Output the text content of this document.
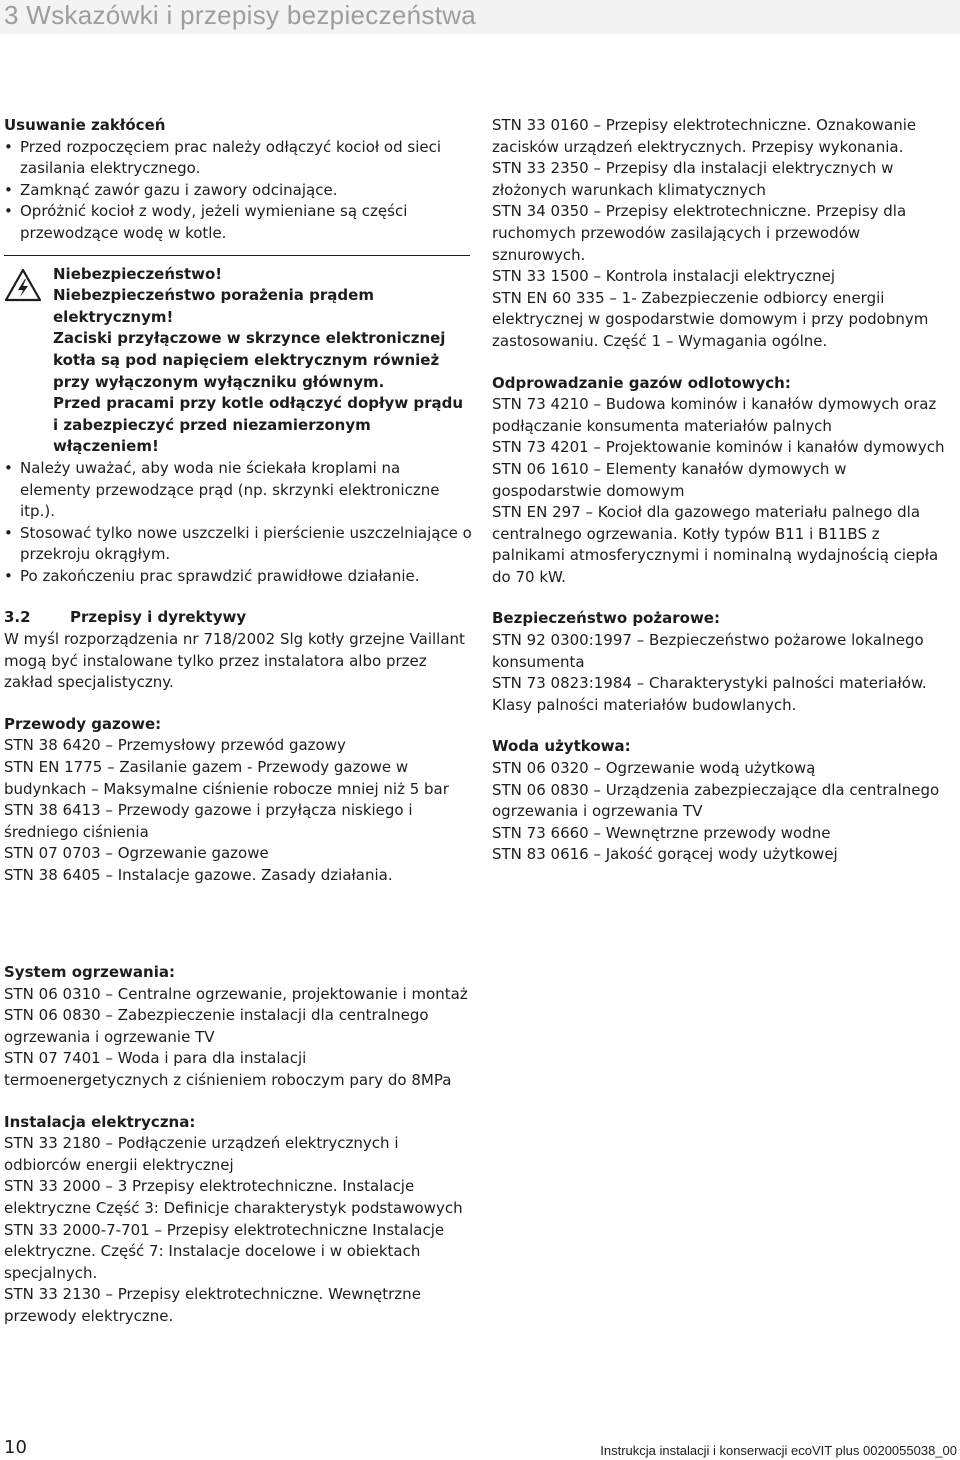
3 Wskazówki i przepisy bezpieczeństwa
Usuwanie zakłóceń
• Przed rozpoczęciem prac należy odłączyć kocioł od sieci zasilania elektrycznego.
• Zamknąć zawór gazu i zawory odcinające.
• Opróżnić kocioł z wody, jeżeli wymieniane są części przewodzące wodę w kotle.
Niebezpieczeństwo!
Niebezpieczeństwo porażenia prądem elektrycznym!
Zaciski przyłączowe w skrzynce elektronicznej kotła są pod napięciem elektrycznym również przy wyłączonym wyłączniku głównym.
Przed pracami przy kotle odłączyć dopływ prądu i zabezpieczyć przed niezamierzonym włączeniem!
• Należy uważać, aby woda nie ściekała kroplami na elementy przewodzące prąd (np. skrzynki elektroniczne itp.).
• Stosować tylko nowe uszczelki i pierścienie uszczelniające o przekroju okrągłym.
• Po zakończeniu prac sprawdzić prawidłowe działanie.
3.2	Przepisy i dyrektywy

W myśl rozporządzenia nr 718/2002 Slg kotły grzejne Vaillant mogą być instalowane tylko przez instalatora albo przez zakład specjalistyczny.

Przewody gazowe:

STN 38 6420 – Przemysłowy przewód gazowy

STN EN 1775 – Zasilanie gazem - Przewody gazowe w budynkach – Maksymalne ciśnienie robocze mniej niż 5 bar

STN 38 6413 – Przewody gazowe i przyłącza niskiego i średniego ciśnienia

STN 07 0703 – Ogrzewanie gazowe

STN 38 6405 – Instalacje gazowe. Zasady działania.

System ogrzewania:

STN 06 0310 – Centralne ogrzewanie, projektowanie i montaż

STN 06 0830 – Zabezpieczenie instalacji dla centralnego ogrzewania i ogrzewanie TV

STN 07 7401 – Woda i para dla instalacji termoenergetycznych z ciśnieniem roboczym pary do 8MPa

Instalacja elektryczna:

STN 33 2180 – Podłączenie urządzeń elektrycznych i odbiorców energii elektrycznej

STN 33 2000 – 3 Przepisy elektrotechniczne. Instalacje elektryczne Część 3: Definicje charakterystyk podstawowych

STN 33 2000-7-701 – Przepisy elektrotechniczne Instalacje elektryczne. Część 7: Instalacje docelowe i w obiektach specjalnych.

STN 33 2130 – Przepisy elektrotechniczne. Wewnętrzne przewody elektryczne.

STN 33 0160 – Przepisy elektrotechniczne. Oznakowanie zacisków urządzeń elektrycznych. Przepisy wykonania.

STN 33 2350 – Przepisy dla instalacji elektrycznych w złożonych warunkach klimatycznych

STN 34 0350 – Przepisy elektrotechniczne. Przepisy dla ruchomych przewodów zasilających i przewodów sznurowych.

STN 33 1500 – Kontrola instalacji elektrycznej

STN EN 60 335 – 1- Zabezpieczenie odbiorcy energii elektrycznej w gospodarstwie domowym i przy podobnym zastosowaniu. Część 1 – Wymagania ogólne.

Odprowadzanie gazów odlotowych:

STN 73 4210 – Budowa kominów i kanałów dymowych oraz podłączanie konsumenta materiałów palnych

STN 73 4201 – Projektowanie kominów i kanałów dymowych

STN 06 1610 – Elementy kanałów dymowych w gospodarstwie domowym

STN EN 297 – Kocioł dla gazowego materiału palnego dla centralnego ogrzewania. Kotły typów B11 i B11BS z palnikami atmosferycznymi i nominalną wydajnością ciepła do 70 kW.

Bezpieczeństwo pożarowe:

STN 92 0300:1997 – Bezpieczeństwo pożarowe lokalnego konsumenta

STN 73 0823:1984 – Charakterystyki palności materiałów. Klasy palności materiałów budowlanych.

Woda użytkowa:

STN 06 0320 – Ogrzewanie wodą użytkową

STN 06 0830 – Urządzenia zabezpieczające dla centralnego ogrzewania i ogrzewania TV

STN 73 6660 – Wewnętrzne przewody wodne

STN 83 0616 – Jakość gorącej wody użytkowej

10	Instrukcja instalacji i konserwacji ecoVIT plus 0020055038_00
